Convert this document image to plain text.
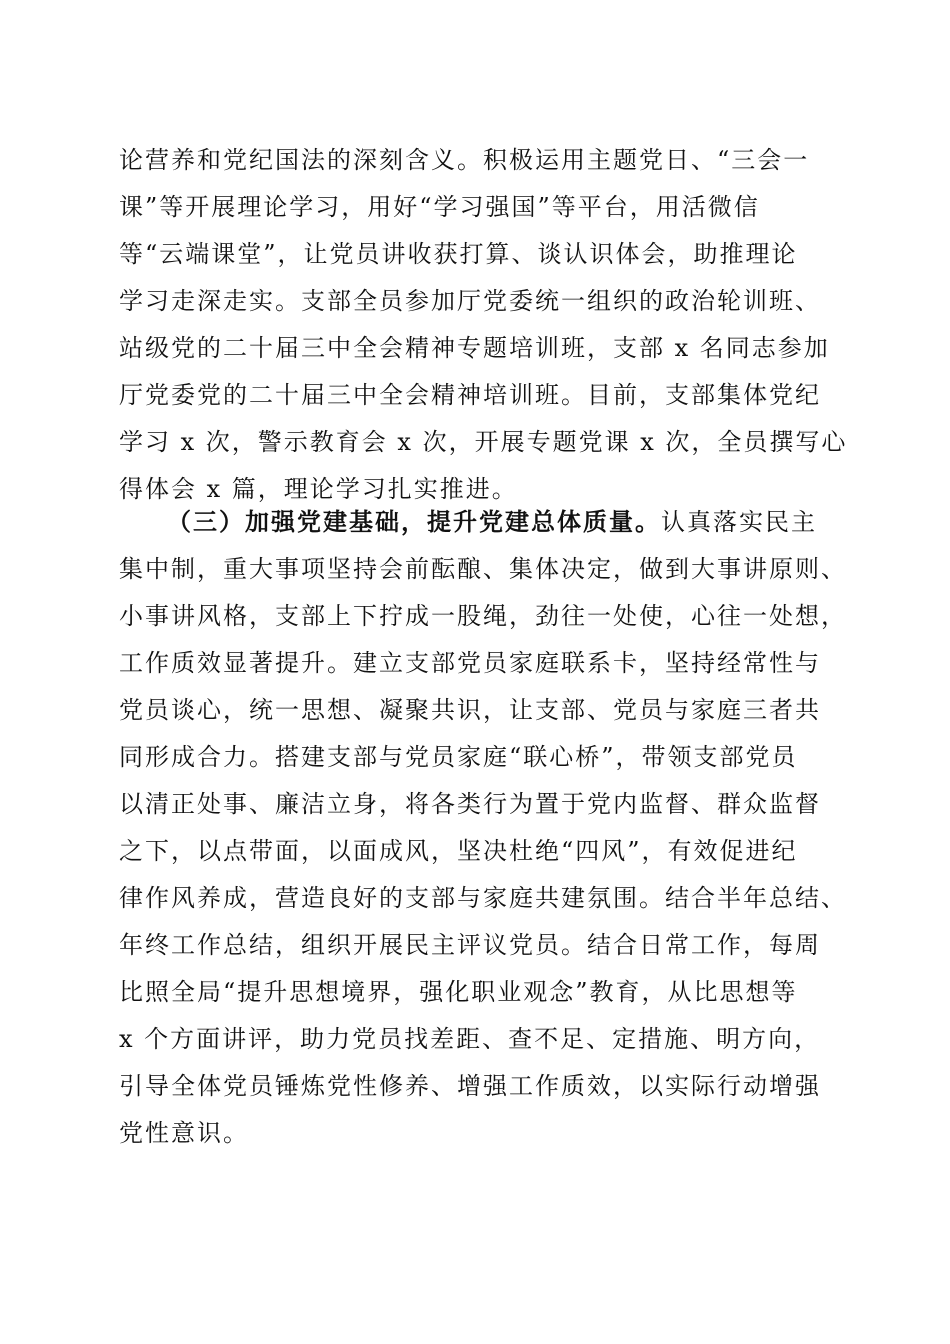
论营养和党纪国法的深刻含义。积极运用主题党日、“三会一
课”等开展理论学习，用好“学习强国”等平台，用活微信
等“云端课堂”，让党员讲收获打算、谈认识体会，助推理论
学习走深走实。支部全员参加厅党委统一组织的政治轮训班、
站级党的二十届三中全会精神专题培训班，支部 x 名同志参加
厅党委党的二十届三中全会精神培训班。目前，支部集体党纪
学习 x 次，警示教育会 x 次，开展专题党课 x 次，全员撰写心
得体会 x 篇，理论学习扎实推进。
（三）加强党建基础，提升党建总体质量。认真落实民主
集中制，重大事项坚持会前酝酿、集体决定，做到大事讲原则、
小事讲风格，支部上下拧成一股绳，劲往一处使，心往一处想，
工作质效显著提升。建立支部党员家庭联系卡，坚持经常性与
党员谈心，统一思想、凝聚共识，让支部、党员与家庭三者共
同形成合力。搭建支部与党员家庭“联心桥”，带领支部党员
以清正处事、廉洁立身，将各类行为置于党内监督、群众监督
之下，以点带面，以面成风，坚决杜绝“四风”，有效促进纪
律作风养成，营造良好的支部与家庭共建氛围。结合半年总结、
年终工作总结，组织开展民主评议党员。结合日常工作，每周
比照全局“提升思想境界，强化职业观念”教育，从比思想等
x 个方面讲评，助力党员找差距、查不足、定措施、明方向，
引导全体党员锤炼党性修养、增强工作质效，以实际行动增强
党性意识。
